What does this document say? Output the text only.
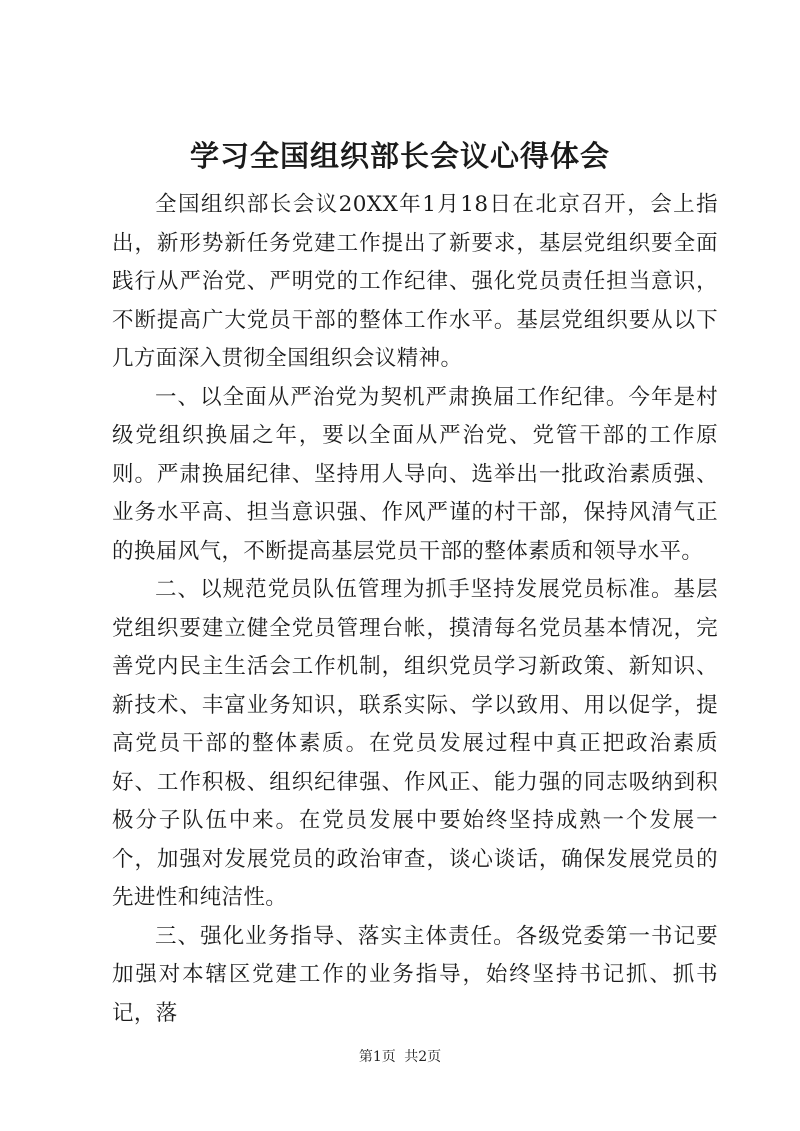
学习全国组织部长会议心得体会

全国组织部长会议20XX年1月18日在北京召开，会上指出，新形势新任务党建工作提出了新要求，基层党组织要全面践行从严治党、严明党的工作纪律、强化党员责任担当意识，不断提高广大党员干部的整体工作水平。基层党组织要从以下几方面深入贯彻全国组织会议精神。

一、以全面从严治党为契机严肃换届工作纪律。今年是村级党组织换届之年，要以全面从严治党、党管干部的工作原则。严肃换届纪律、坚持用人导向、选举出一批政治素质强、业务水平高、担当意识强、作风严谨的村干部，保持风清气正的换届风气，不断提高基层党员干部的整体素质和领导水平。

二、以规范党员队伍管理为抓手坚持发展党员标准。基层党组织要建立健全党员管理台帐，摸清每名党员基本情况，完善党内民主生活会工作机制，组织党员学习新政策、新知识、新技术、丰富业务知识，联系实际、学以致用、用以促学，提高党员干部的整体素质。在党员发展过程中真正把政治素质好、工作积极、组织纪律强、作风正、能力强的同志吸纳到积极分子队伍中来。在党员发展中要始终坚持成熟一个发展一个，加强对发展党员的政治审查，谈心谈话，确保发展党员的先进性和纯洁性。

三、强化业务指导、落实主体责任。各级党委第一书记要加强对本辖区党建工作的业务指导，始终坚持书记抓、抓书记，落

第1页 共2页
